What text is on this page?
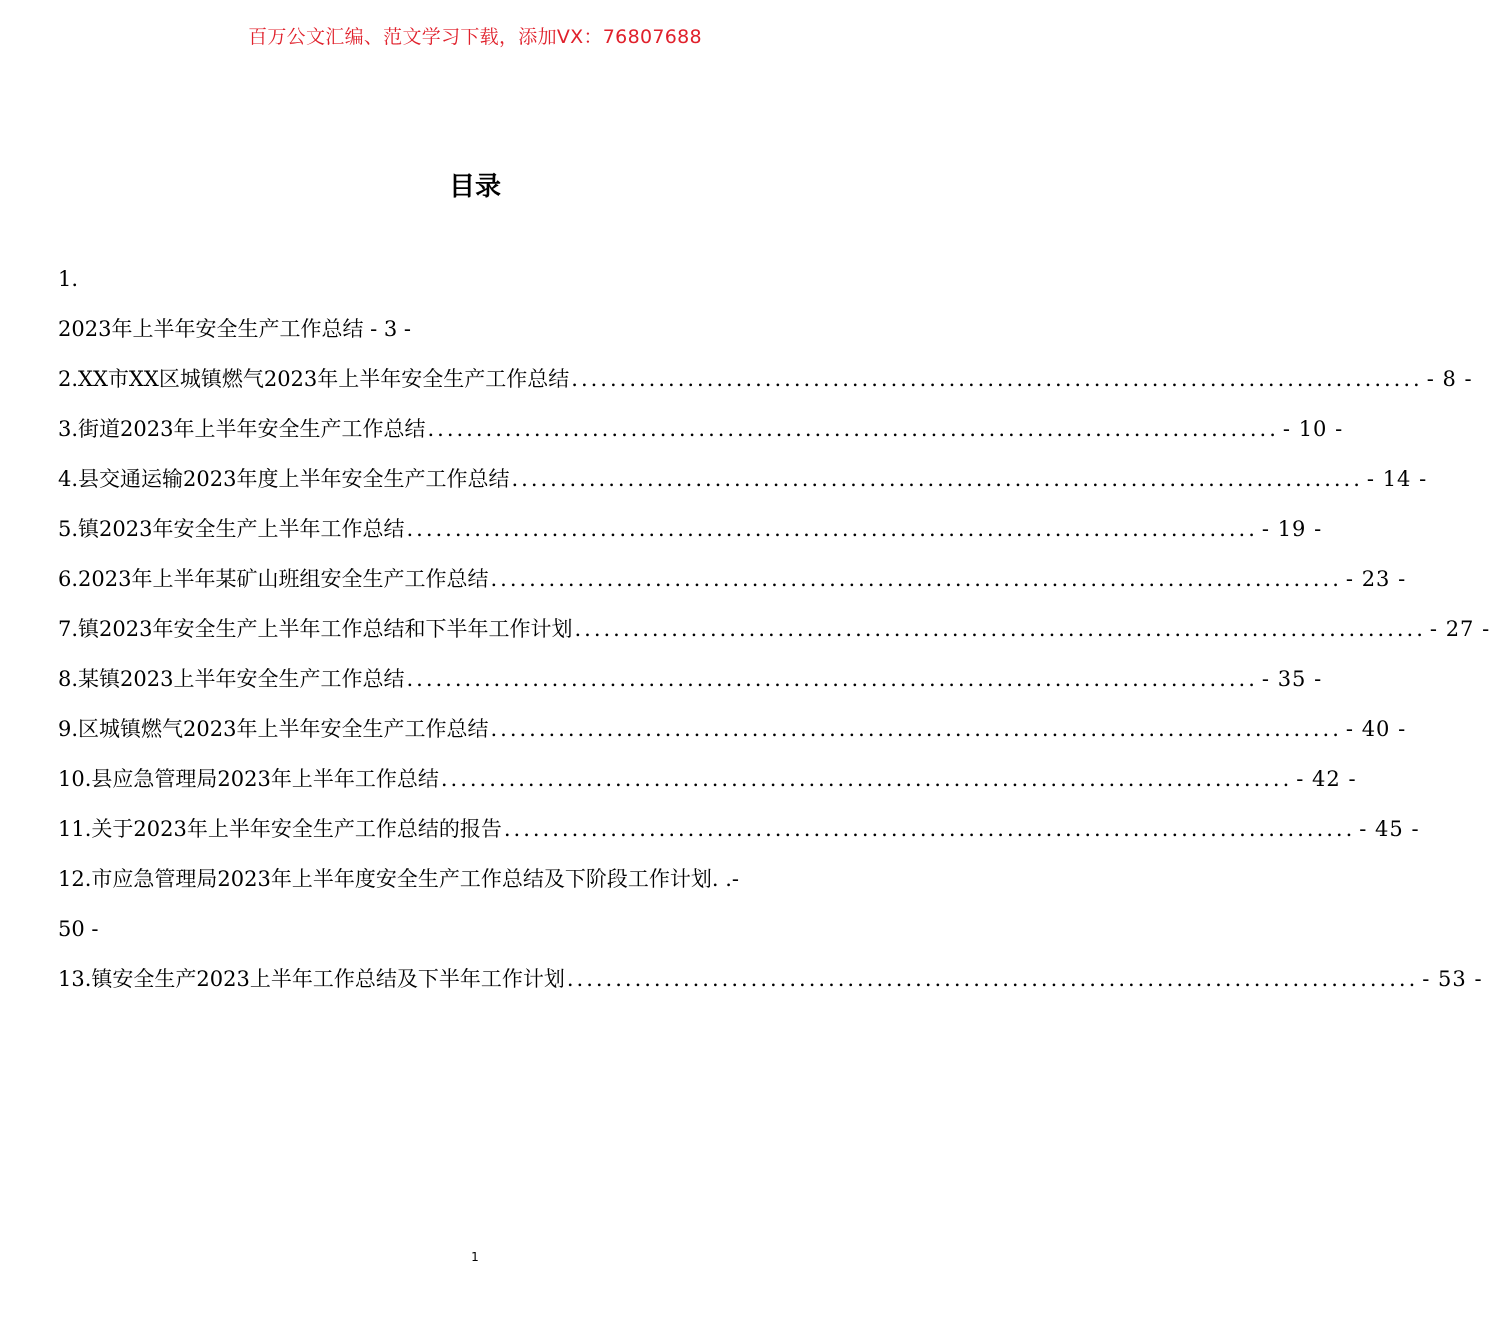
百万公文汇编、范文学习下载，添加VX：76807688
目录
1.
2023年上半年安全生产工作总结 - 3 -
2.XX市XX区城镇燃气2023年上半年安全生产工作总结 ........................................................................................ - 8 -
3.街道2023年上半年安全生产工作总结 ........................................................................................ - 10 -
4.县交通运输2023年度上半年安全生产工作总结 ........................................................................................ - 14 -
5.镇2023年安全生产上半年工作总结 ........................................................................................ - 19 -
6.2023年上半年某矿山班组安全生产工作总结 ........................................................................................ - 23 -
7.镇2023年安全生产上半年工作总结和下半年工作计划 ........................................................................................ - 27 -
8.某镇2023上半年安全生产工作总结 ........................................................................................ - 35 -
9.区城镇燃气2023年上半年安全生产工作总结 ........................................................................................ - 40 -
10.县应急管理局2023年上半年工作总结 ........................................................................................ - 42 -
11.关于2023年上半年安全生产工作总结的报告 ........................................................................................ - 45 -
12.市应急管理局2023年上半年度安全生产工作总结及下阶段工作计划. .-
50 -
13.镇安全生产2023上半年工作总结及下半年工作计划 ........................................................................................ - 53 -
1
